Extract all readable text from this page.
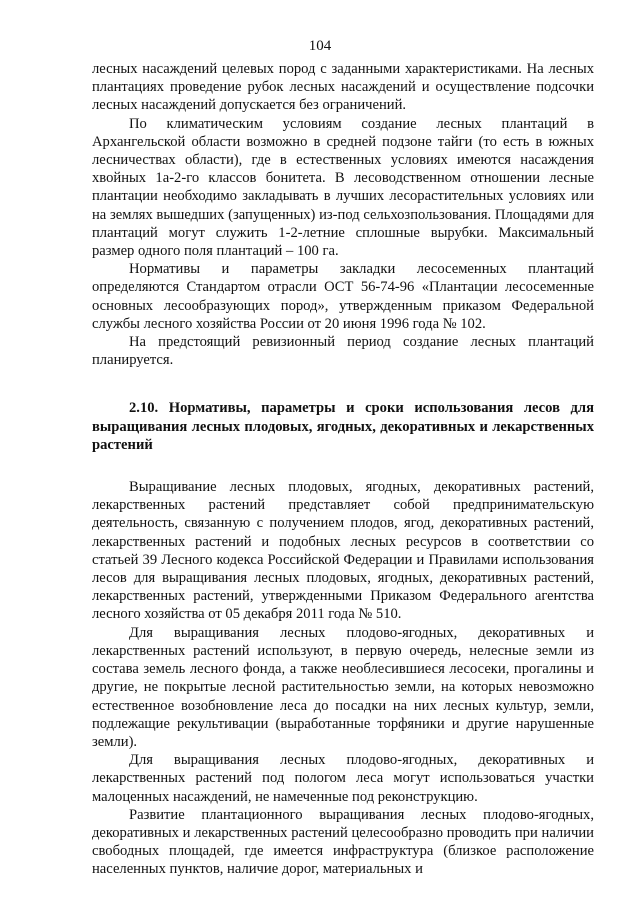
104

лесных насаждений целевых пород с заданными характеристиками. На лесных плантациях проведение рубок лесных насаждений и осуществление подсочки лесных насаждений допускается без ограничений.

По климатическим условиям создание лесных плантаций в Архангельской области возможно в средней подзоне тайги (то есть в южных лесничествах области), где в естественных условиях имеются насаждения хвойных 1а-2-го классов бонитета. В лесоводственном отношении лесные плантации необходимо закладывать в лучших лесорастительных условиях или на землях вышедших (запущенных) из-под сельхозпользования. Площадями для плантаций могут служить 1-2-летние сплошные вырубки. Максимальный размер одного поля плантаций – 100 га.

Нормативы и параметры закладки лесосеменных плантаций определяются Стандартом отрасли ОСТ 56-74-96 «Плантации лесосеменные основных лесообразующих пород», утвержденным приказом Федеральной службы лесного хозяйства России от 20 июня 1996 года № 102.

На предстоящий ревизионный период создание лесных плантаций планируется.

2.10. Нормативы, параметры и сроки использования лесов для выращивания лесных плодовых, ягодных, декоративных и лекарственных растений

Выращивание лесных плодовых, ягодных, декоративных растений, лекарственных растений представляет собой предпринимательскую деятельность, связанную с получением плодов, ягод, декоративных растений, лекарственных растений и подобных лесных ресурсов в соответствии со статьей 39 Лесного кодекса Российской Федерации и Правилами использования лесов для выращивания лесных плодовых, ягодных, декоративных растений, лекарственных растений, утвержденными Приказом Федерального агентства лесного хозяйства от 05 декабря 2011 года № 510.

Для выращивания лесных плодово-ягодных, декоративных и лекарственных растений используют, в первую очередь, нелесные земли из состава земель лесного фонда, а также необлесившиеся лесосеки, прогалины и другие, не покрытые лесной растительностью земли, на которых невозможно естественное возобновление леса до посадки на них лесных культур, земли, подлежащие рекультивации (выработанные торфяники и другие нарушенные земли).

Для выращивания лесных плодово-ягодных, декоративных и лекарственных растений под пологом леса могут использоваться участки малоценных насаждений, не намеченные под реконструкцию.

Развитие плантационного выращивания лесных плодово-ягодных, декоративных и лекарственных растений целесообразно проводить при наличии свободных площадей, где имеется инфраструктура (близкое расположение населенных пунктов, наличие дорог, материальных и
